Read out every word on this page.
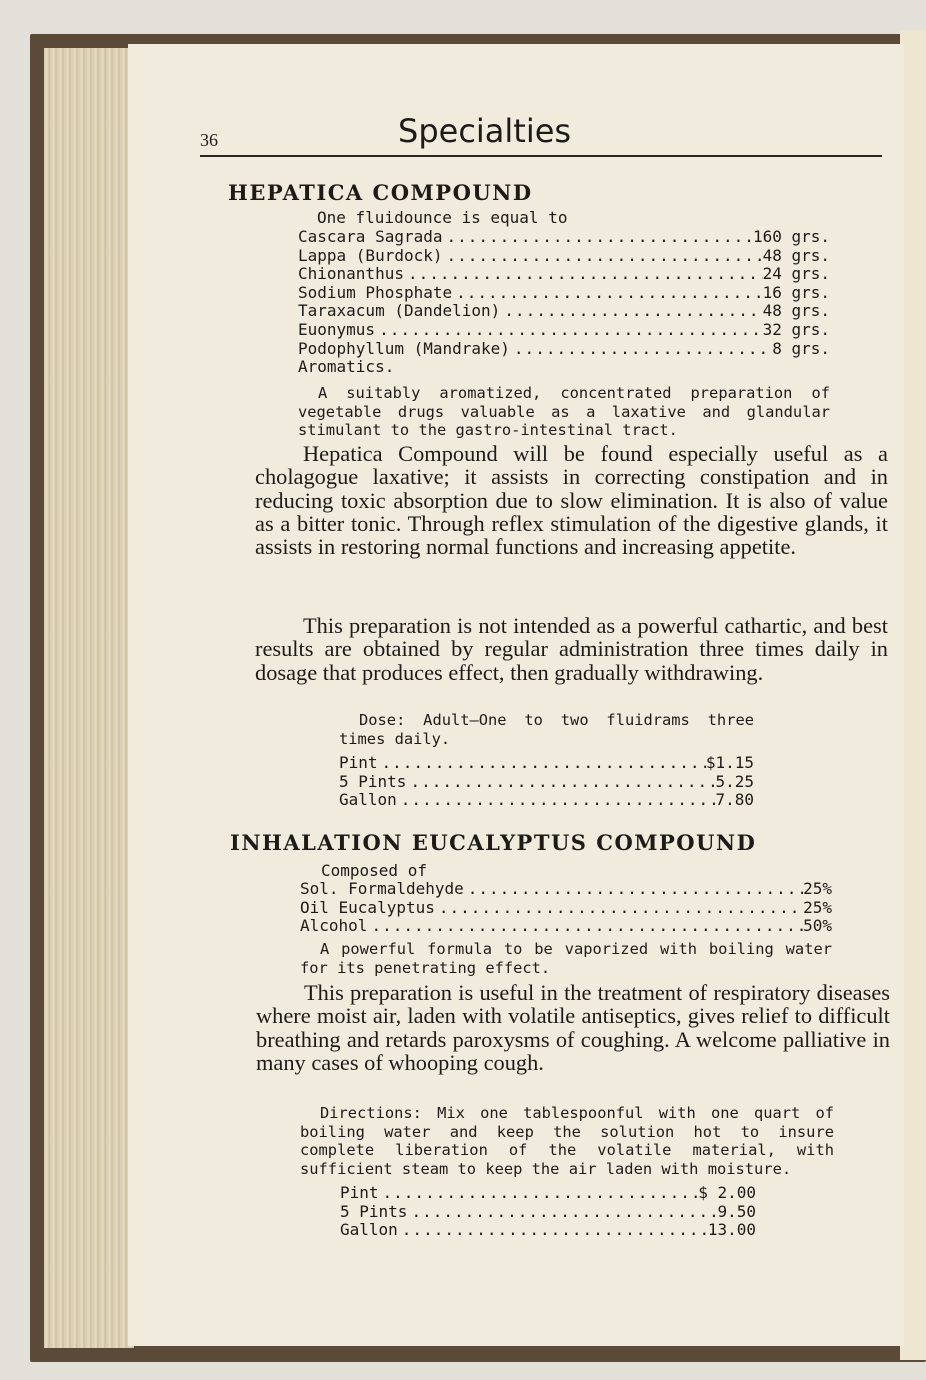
36	Specialties
HEPATICA COMPOUND
One fluidounce is equal to
Cascara Sagrada .....	160 grs.
Lappa (Burdock) .....	48 grs.
Chionanthus .....	24 grs.
Sodium Phosphate .....	16 grs.
Taraxacum (Dandelion) .....	48 grs.
Euonymus .....	32 grs.
Podophyllum (Mandrake) .....	8 grs.
Aromatics.
A suitably aromatized, concentrated preparation of vegetable drugs valuable as a laxative and glandular stimulant to the gastro-intestinal tract.
Hepatica Compound will be found especially useful as a cholagogue laxative; it assists in correcting constipation and in reducing toxic absorption due to slow elimination. It is also of value as a bitter tonic. Through reflex stimulation of the digestive glands, it assists in restoring normal functions and increasing appetite.
This preparation is not intended as a powerful cathartic, and best results are obtained by regular administration three times daily in dosage that produces effect, then gradually withdrawing.
Dose: Adult—One to two fluidrams three times daily.
Pint .....	$1.15
5 Pints .....	5.25
Gallon .....	7.80
INHALATION EUCALYPTUS COMPOUND
Composed of
Sol. Formaldehyde .....	25%
Oil Eucalyptus .....	25%
Alcohol .....	50%
A powerful formula to be vaporized with boiling water for its penetrating effect.
This preparation is useful in the treatment of respiratory diseases where moist air, laden with volatile antiseptics, gives relief to difficult breathing and retards paroxysms of coughing. A welcome palliative in many cases of whooping cough.
Directions: Mix one tablespoonful with one quart of boiling water and keep the solution hot to insure complete liberation of the volatile material, with sufficient steam to keep the air laden with moisture.
Pint .....	$ 2.00
5 Pints .....	9.50
Gallon .....	13.00
